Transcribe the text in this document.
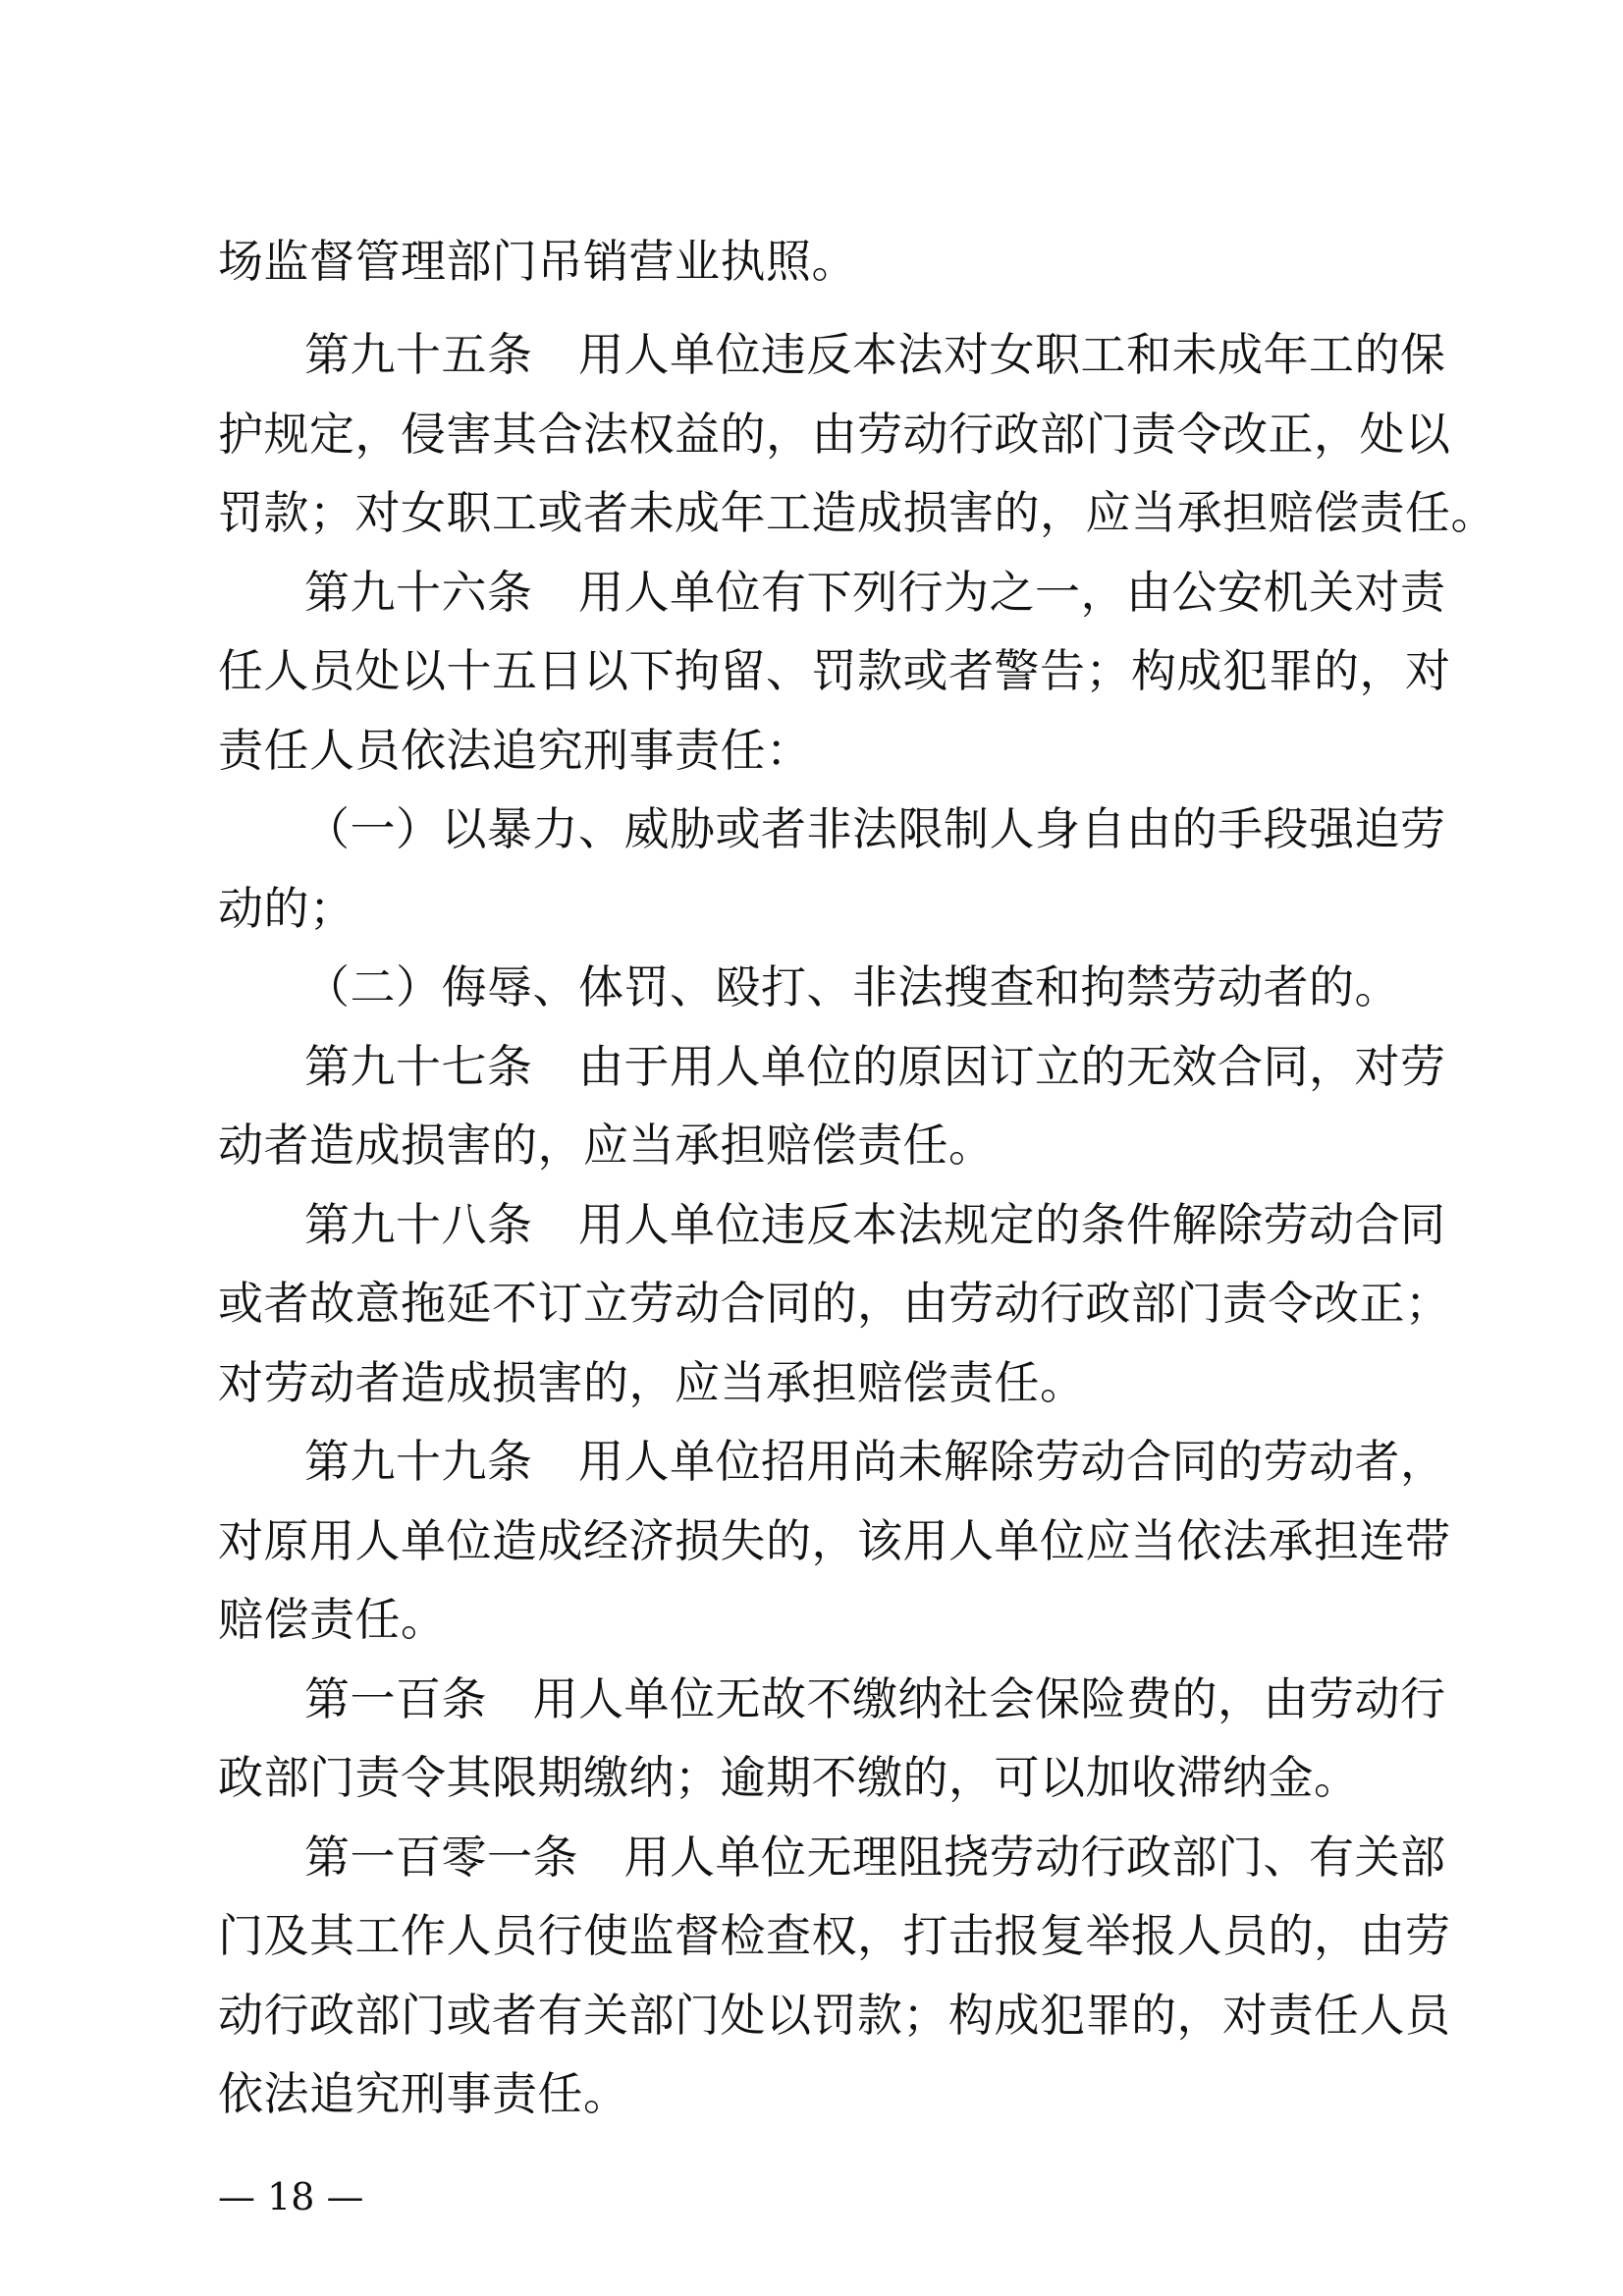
场监督管理部门吊销营业执照。
第九十五条　用人单位违反本法对女职工和未成年工的保
护规定，侵害其合法权益的，由劳动行政部门责令改正，处以
罚款；对女职工或者未成年工造成损害的，应当承担赔偿责任。
第九十六条　用人单位有下列行为之一，由公安机关对责
任人员处以十五日以下拘留、罚款或者警告；构成犯罪的，对
责任人员依法追究刑事责任：
（一）以暴力、威胁或者非法限制人身自由的手段强迫劳
动的；
（二）侮辱、体罚、殴打、非法搜查和拘禁劳动者的。
第九十七条　由于用人单位的原因订立的无效合同，对劳
动者造成损害的，应当承担赔偿责任。
第九十八条　用人单位违反本法规定的条件解除劳动合同
或者故意拖延不订立劳动合同的，由劳动行政部门责令改正；
对劳动者造成损害的，应当承担赔偿责任。
第九十九条　用人单位招用尚未解除劳动合同的劳动者，
对原用人单位造成经济损失的，该用人单位应当依法承担连带
赔偿责任。
第一百条　用人单位无故不缴纳社会保险费的，由劳动行
政部门责令其限期缴纳；逾期不缴的，可以加收滞纳金。
第一百零一条　用人单位无理阻挠劳动行政部门、有关部
门及其工作人员行使监督检查权，打击报复举报人员的，由劳
动行政部门或者有关部门处以罚款；构成犯罪的，对责任人员
依法追究刑事责任。
— 18 —
